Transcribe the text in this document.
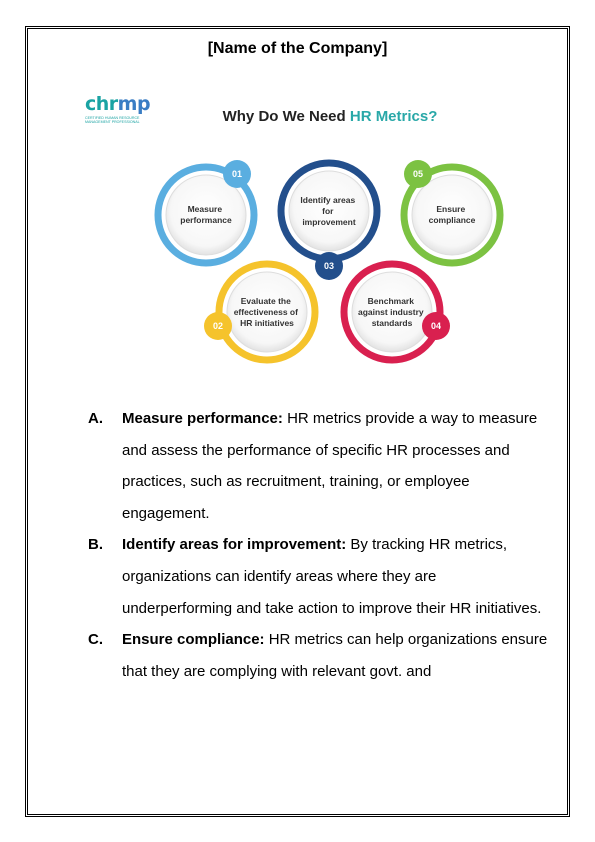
[Name of the Company]
chrmp
CERTIFIED HUMAN RESOURCE MANAGEMENT PROFESSIONAL	Why Do We Need HR Metrics?
Measure performance
01
Identify areas for improvement
Ensure compliance
05
Evaluate the effectiveness of HR initiatives
02
Benchmark against industry standards	04
03
A.	Measure performance: HR metrics provide a way to measure and assess the performance of specific HR processes and practices, such as recruitment, training, or employee engagement.
B.	Identify areas for improvement: By tracking HR metrics, organizations can identify areas where they are underperforming and take action to improve their HR initiatives.
C.	Ensure compliance: HR metrics can help organizations ensure that they are complying with relevant govt. and
